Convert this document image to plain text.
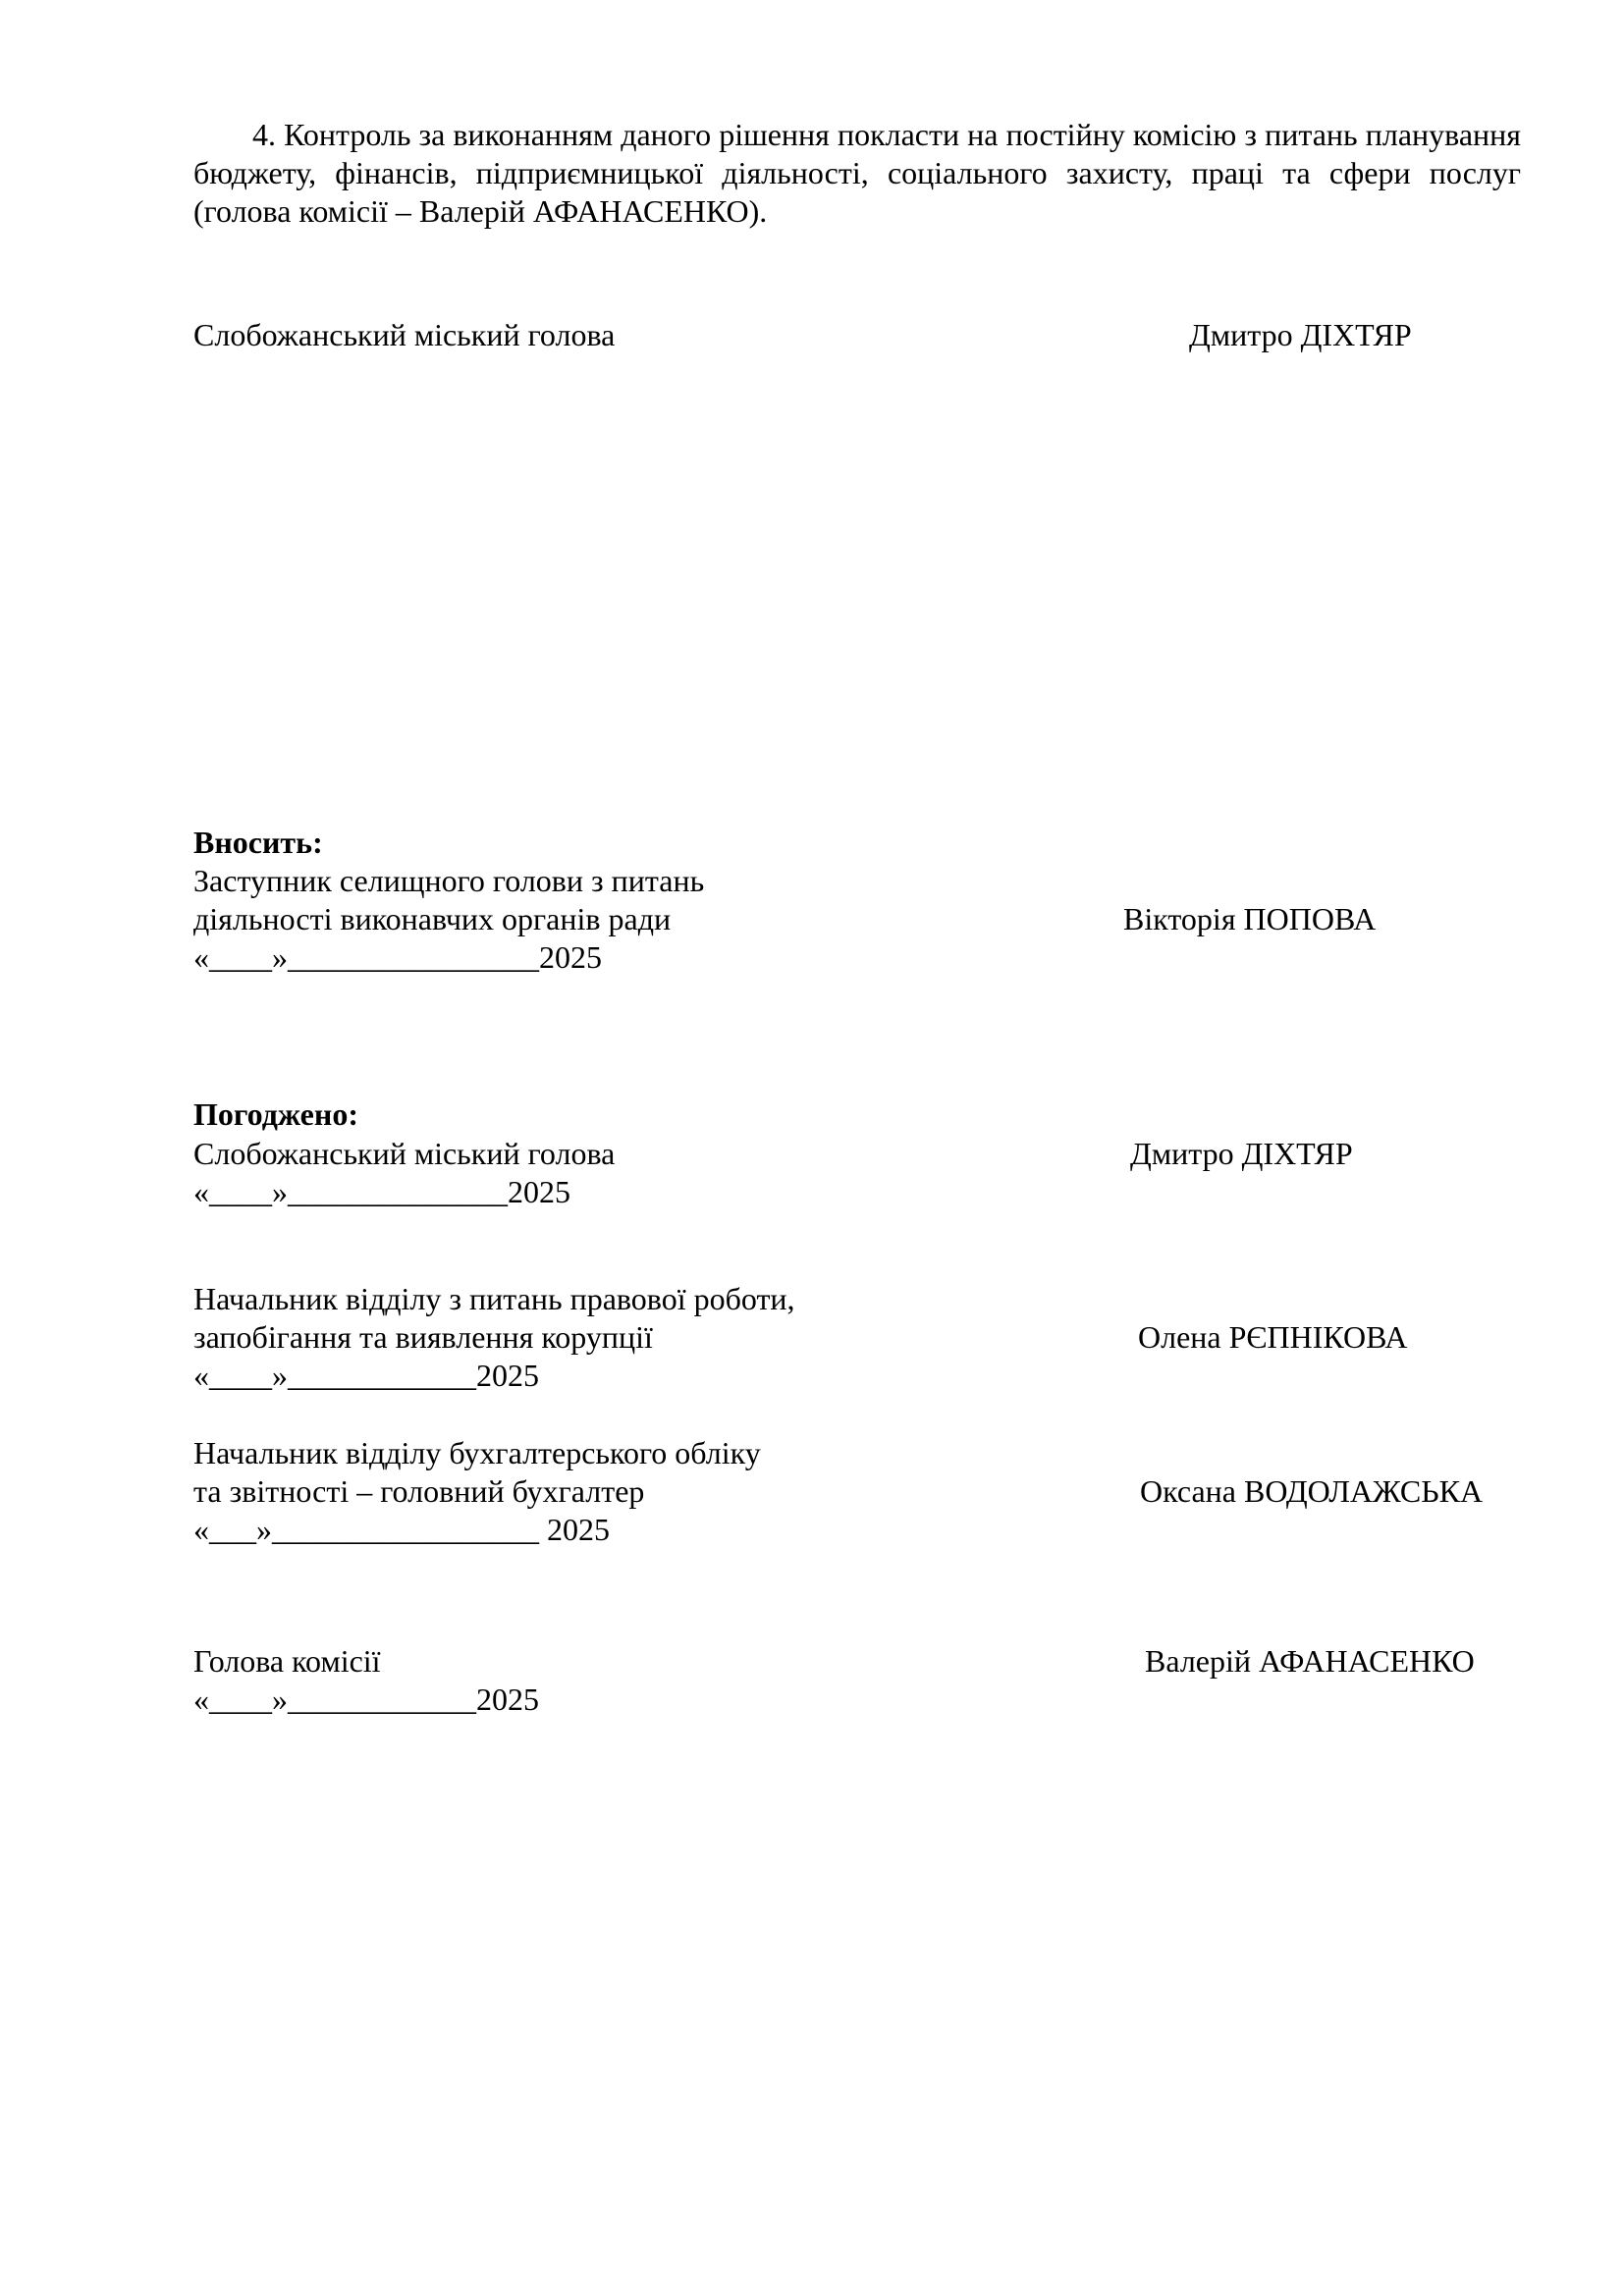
4. Контроль за виконанням даного рішення покласти на постійну комісію з питань планування бюджету, фінансів, підприємницької діяльності, соціального захисту, праці та сфери послуг (голова комісії – Валерій АФАНАСЕНКО).
Слобожанський міський голова	Дмитро ДІХТЯР
Вносить:
Заступник селищного голови з питань
діяльності виконавчих органів ради	Вікторія ПОПОВА
«____»________________2025
Погоджено:
Слобожанський міський голова	Дмитро ДІХТЯР
«____»______________2025
Начальник відділу з питань правової роботи,
запобігання та виявлення корупції	Олена РЄПНІКОВА
«____»____________2025
Начальник відділу бухгалтерського обліку
та звітності – головний бухгалтер	Оксана ВОДОЛАЖСЬКА
«___»_________________ 2025
Голова комісії	Валерій АФАНАСЕНКО
«____»____________2025
